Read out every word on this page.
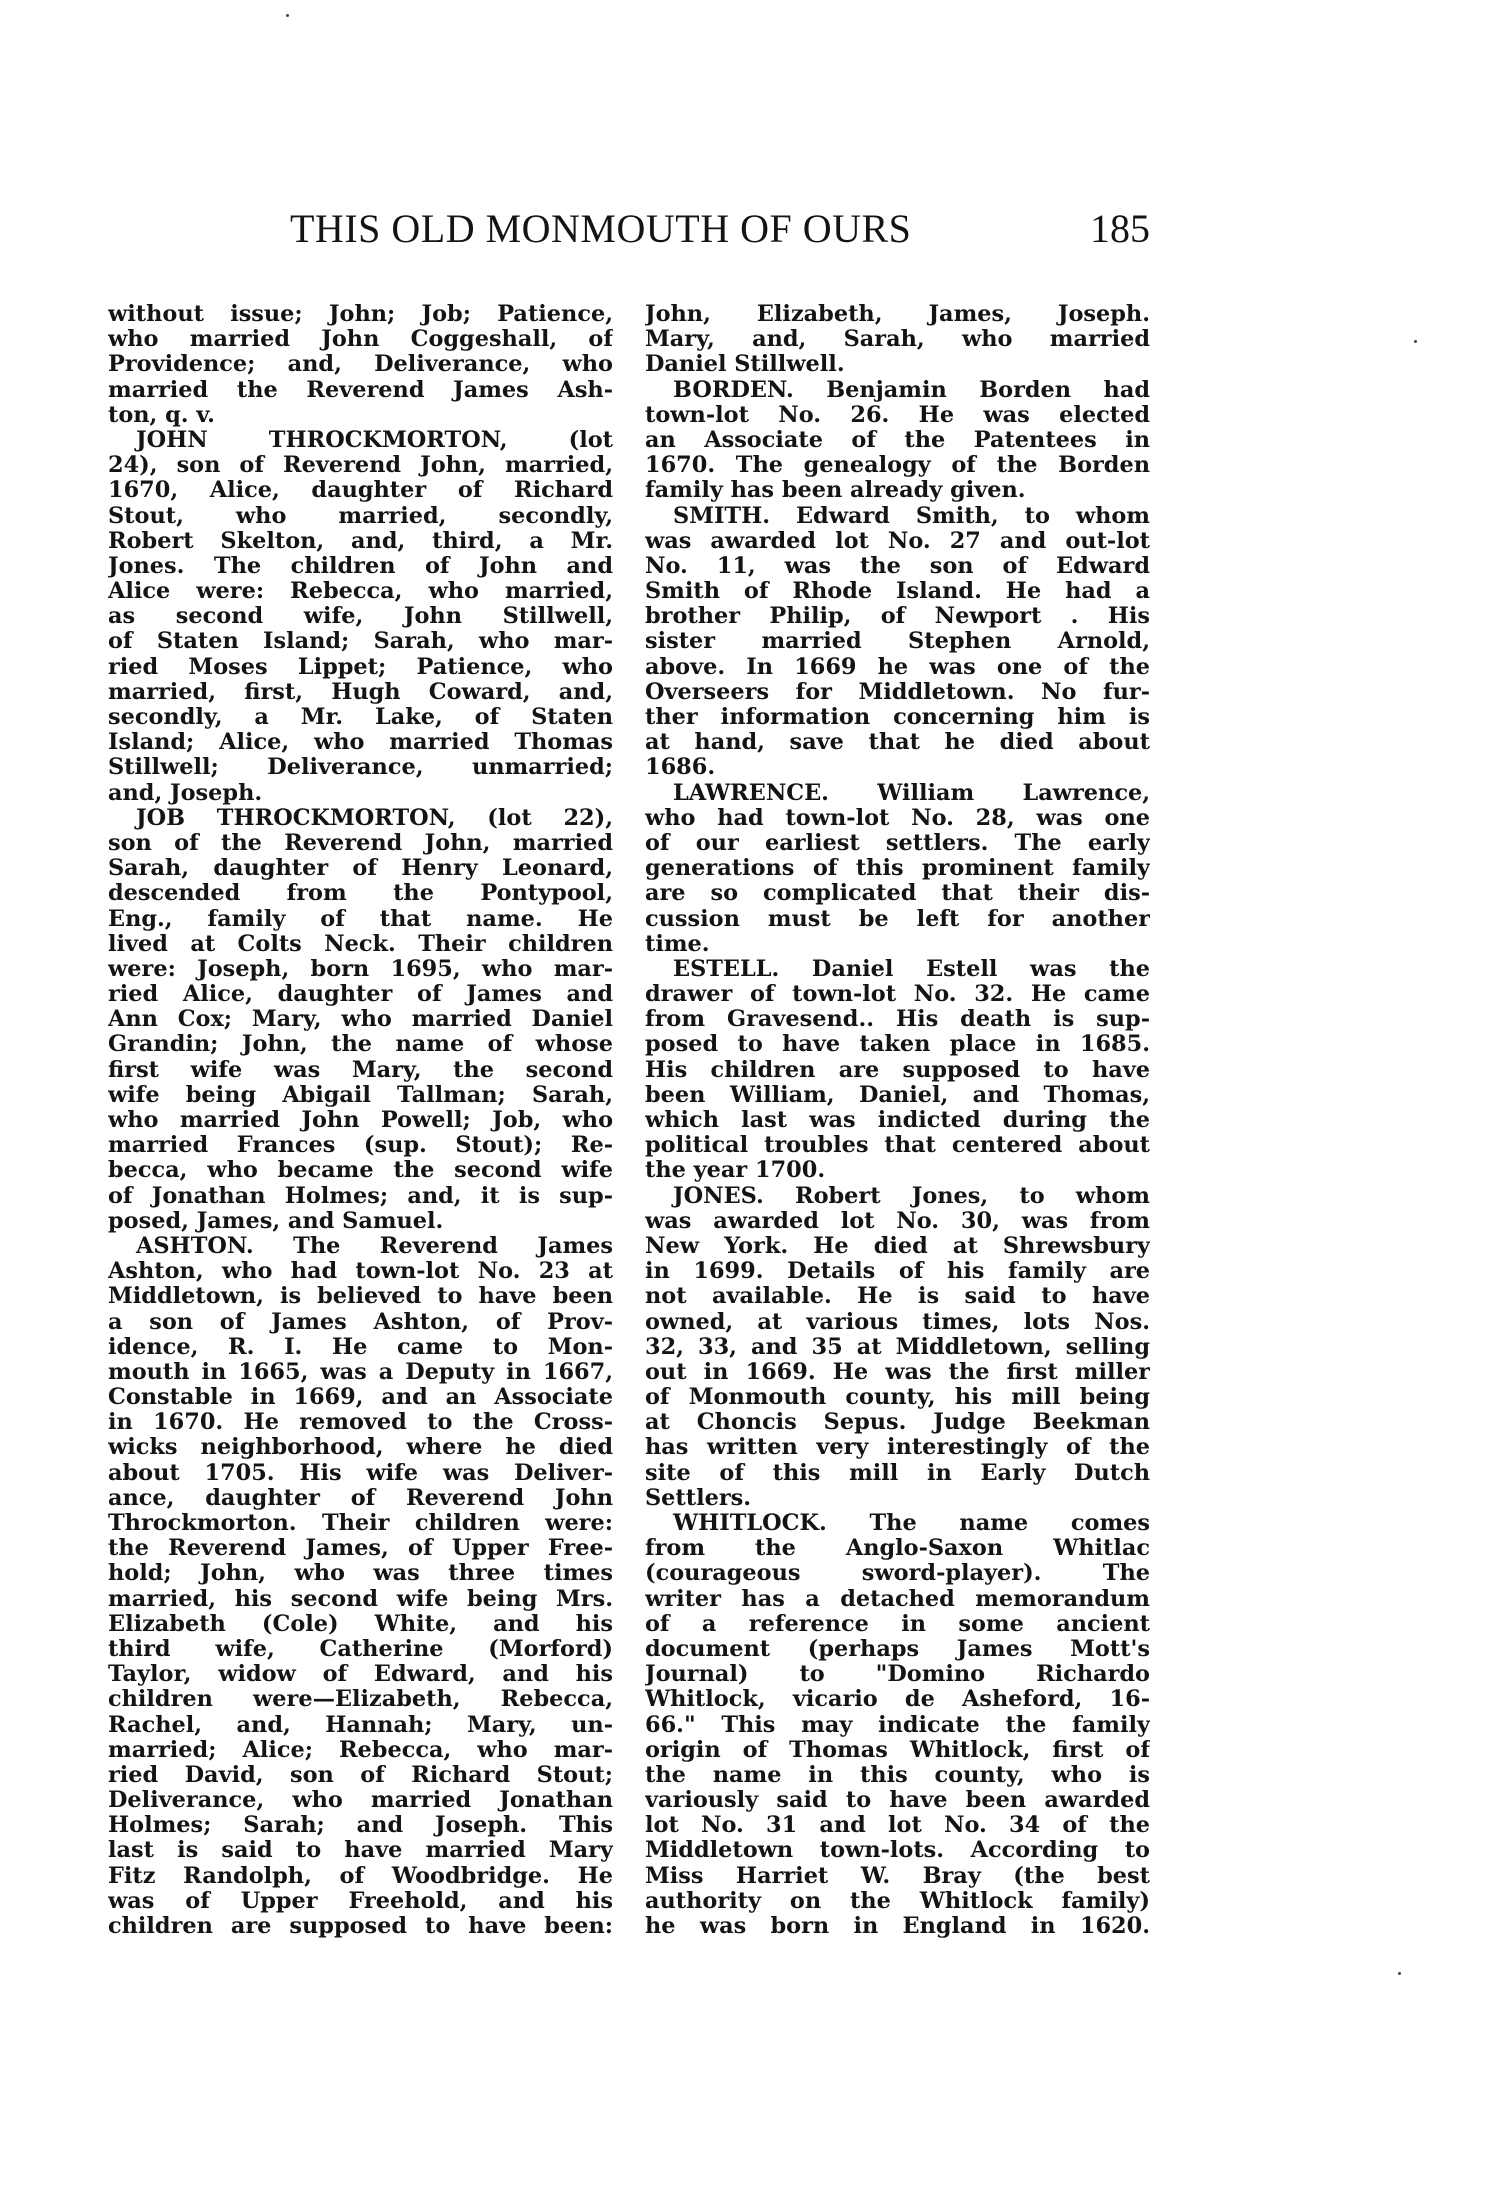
THIS OLD MONMOUTH OF OURS	185
without issue; John; Job; Patience,
who married John Coggeshall, of
Providence; and, Deliverance, who
married the Reverend James Ash-
ton, q. v.
JOHN THROCKMORTON, (lot
24), son of Reverend John, married,
1670, Alice, daughter of Richard
Stout, who married, secondly,
Robert Skelton, and, third, a Mr.
Jones. The children of John and
Alice were: Rebecca, who married,
as second wife, John Stillwell,
of Staten Island; Sarah, who mar-
ried Moses Lippet; Patience, who
married, first, Hugh Coward, and,
secondly, a Mr. Lake, of Staten
Island; Alice, who married Thomas
Stillwell; Deliverance, unmarried;
and, Joseph.
JOB THROCKMORTON, (lot 22),
son of the Reverend John, married
Sarah, daughter of Henry Leonard,
descended from the Pontypool,
Eng., family of that name. He
lived at Colts Neck. Their children
were: Joseph, born 1695, who mar-
ried Alice, daughter of James and
Ann Cox; Mary, who married Daniel
Grandin; John, the name of whose
first wife was Mary, the second
wife being Abigail Tallman; Sarah,
who married John Powell; Job, who
married Frances (sup. Stout); Re-
becca, who became the second wife
of Jonathan Holmes; and, it is sup-
posed, James, and Samuel.
ASHTON. The Reverend James
Ashton, who had town-lot No. 23 at
Middletown, is believed to have been
a son of James Ashton, of Prov-
idence, R. I. He came to Mon-
mouth in 1665, was a Deputy in 1667,
Constable in 1669, and an Associate
in 1670. He removed to the Cross-
wicks neighborhood, where he died
about 1705. His wife was Deliver-
ance, daughter of Reverend John
Throckmorton. Their children were:
the Reverend James, of Upper Free-
hold; John, who was three times
married, his second wife being Mrs.
Elizabeth (Cole) White, and his
third wife, Catherine (Morford)
Taylor, widow of Edward, and his
children were—Elizabeth, Rebecca,
Rachel, and, Hannah; Mary, un-
married; Alice; Rebecca, who mar-
ried David, son of Richard Stout;
Deliverance, who married Jonathan
Holmes; Sarah; and Joseph. This
last is said to have married Mary
Fitz Randolph, of Woodbridge. He
was of Upper Freehold, and his
children are supposed to have been:
John, Elizabeth, James, Joseph.
Mary, and, Sarah, who married
Daniel Stillwell.
BORDEN. Benjamin Borden had
town-lot No. 26. He was elected
an Associate of the Patentees in
1670. The genealogy of the Borden
family has been already given.
SMITH. Edward Smith, to whom
was awarded lot No. 27 and out-lot
No. 11, was the son of Edward
Smith of Rhode Island. He had a
brother Philip, of Newport . His
sister married Stephen Arnold,
above. In 1669 he was one of the
Overseers for Middletown. No fur-
ther information concerning him is
at hand, save that he died about
1686.
LAWRENCE. William Lawrence,
who had town-lot No. 28, was one
of our earliest settlers. The early
generations of this prominent family
are so complicated that their dis-
cussion must be left for another
time.
ESTELL. Daniel Estell was the
drawer of town-lot No. 32. He came
from Gravesend.. His death is sup-
posed to have taken place in 1685.
His children are supposed to have
been William, Daniel, and Thomas,
which last was indicted during the
political troubles that centered about
the year 1700.
JONES. Robert Jones, to whom
was awarded lot No. 30, was from
New York. He died at Shrewsbury
in 1699. Details of his family are
not available. He is said to have
owned, at various times, lots Nos.
32, 33, and 35 at Middletown, selling
out in 1669. He was the first miller
of Monmouth county, his mill being
at Choncis Sepus. Judge Beekman
has written very interestingly of the
site of this mill in Early Dutch
Settlers.
WHITLOCK. The name comes
from the Anglo-Saxon Whitlac
(courageous sword-player). The
writer has a detached memorandum
of a reference in some ancient
document (perhaps James Mott's
Journal) to "Domino Richardo
Whitlock, vicario de Asheford, 16-
66." This may indicate the family
origin of Thomas Whitlock, first of
the name in this county, who is
variously said to have been awarded
lot No. 31 and lot No. 34 of the
Middletown town-lots. According to
Miss Harriet W. Bray (the best
authority on the Whitlock family)
he was born in England in 1620.
